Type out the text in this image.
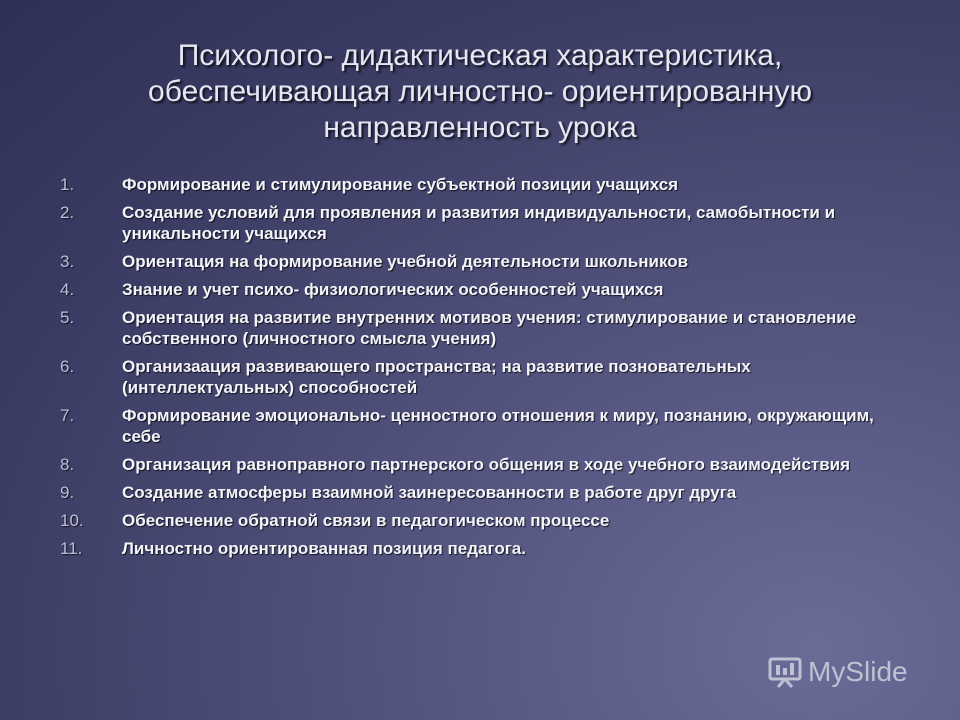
Психолого- дидактическая характеристика,
обеспечивающая личностно- ориентированную
направленность урока
1.	Формирование и стимулирование субъектной позиции учащихся
2.	Создание условий для проявления и развития индивидуальности, самобытности и уникальности учащихся
3.	Ориентация на формирование учебной деятельности школьников
4.	Знание и учет психо- физиологических особенностей учащихся
5.	Ориентация на развитие внутренних мотивов учения: стимулирование и становление собственного (личностного смысла учения)
6.	Организаация развивающего пространства; на развитие позновательных (интеллектуальных) способностей
7.	Формирование эмоционально- ценностного отношения к миру, познанию, окружающим, себе
8.	Организация равноправного партнерского общения в ходе учебного взаимодействия
9.	Создание атмосферы взаимной заинересованности в работе друг друга
10.	Обеспечение обратной связи в педагогическом процессе
11.	Личностно ориентированная позиция педагога.
MySlide
